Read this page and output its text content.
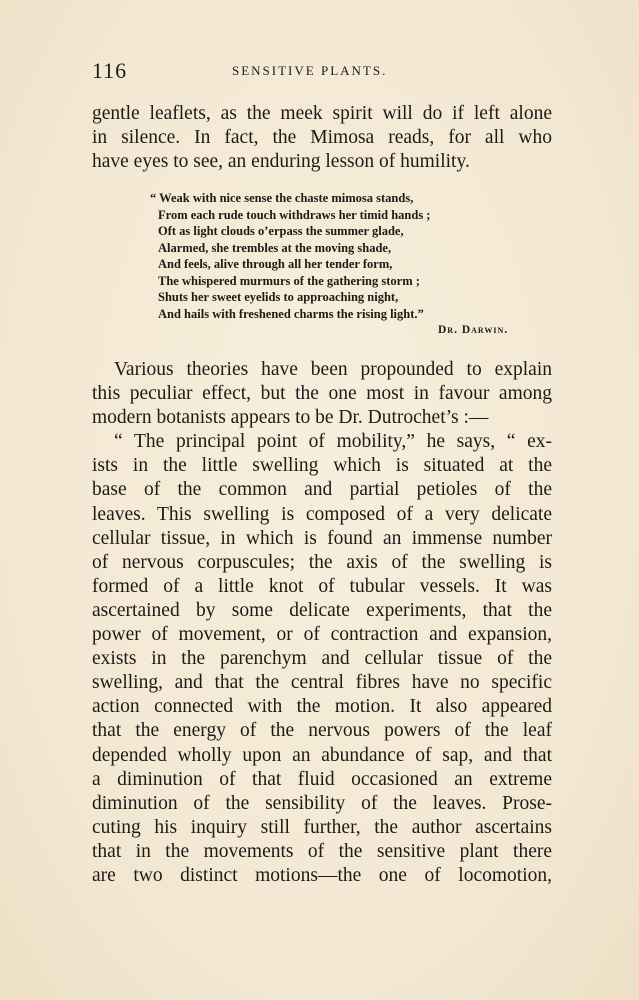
116	SENSITIVE PLANTS.
gentle leaflets, as the meek spirit will do if left alone
in silence. In fact, the Mimosa reads, for all who
have eyes to see, an enduring lesson of humility.
“ Weak with nice sense the chaste mimosa stands,
From each rude touch withdraws her timid hands ;
Oft as light clouds o’erpass the summer glade,
Alarmed, she trembles at the moving shade,
And feels, alive through all her tender form,
The whispered murmurs of the gathering storm ;
Shuts her sweet eyelids to approaching night,
And hails with freshened charms the rising light.”
Dr. Darwin.
Various theories have been propounded to explain
this peculiar effect, but the one most in favour among
modern botanists appears to be Dr. Dutrochet’s :—
“ The principal point of mobility,” he says, “ ex-
ists in the little swelling which is situated at the
base of the common and partial petioles of the
leaves. This swelling is composed of a very delicate
cellular tissue, in which is found an immense number
of nervous corpuscules; the axis of the swelling is
formed of a little knot of tubular vessels. It was
ascertained by some delicate experiments, that the
power of movement, or of contraction and expansion,
exists in the parenchym and cellular tissue of the
swelling, and that the central fibres have no specific
action connected with the motion. It also appeared
that the energy of the nervous powers of the leaf
depended wholly upon an abundance of sap, and that
a diminution of that fluid occasioned an extreme
diminution of the sensibility of the leaves. Prose-
cuting his inquiry still further, the author ascertains
that in the movements of the sensitive plant there
are two distinct motions—the one of locomotion,
